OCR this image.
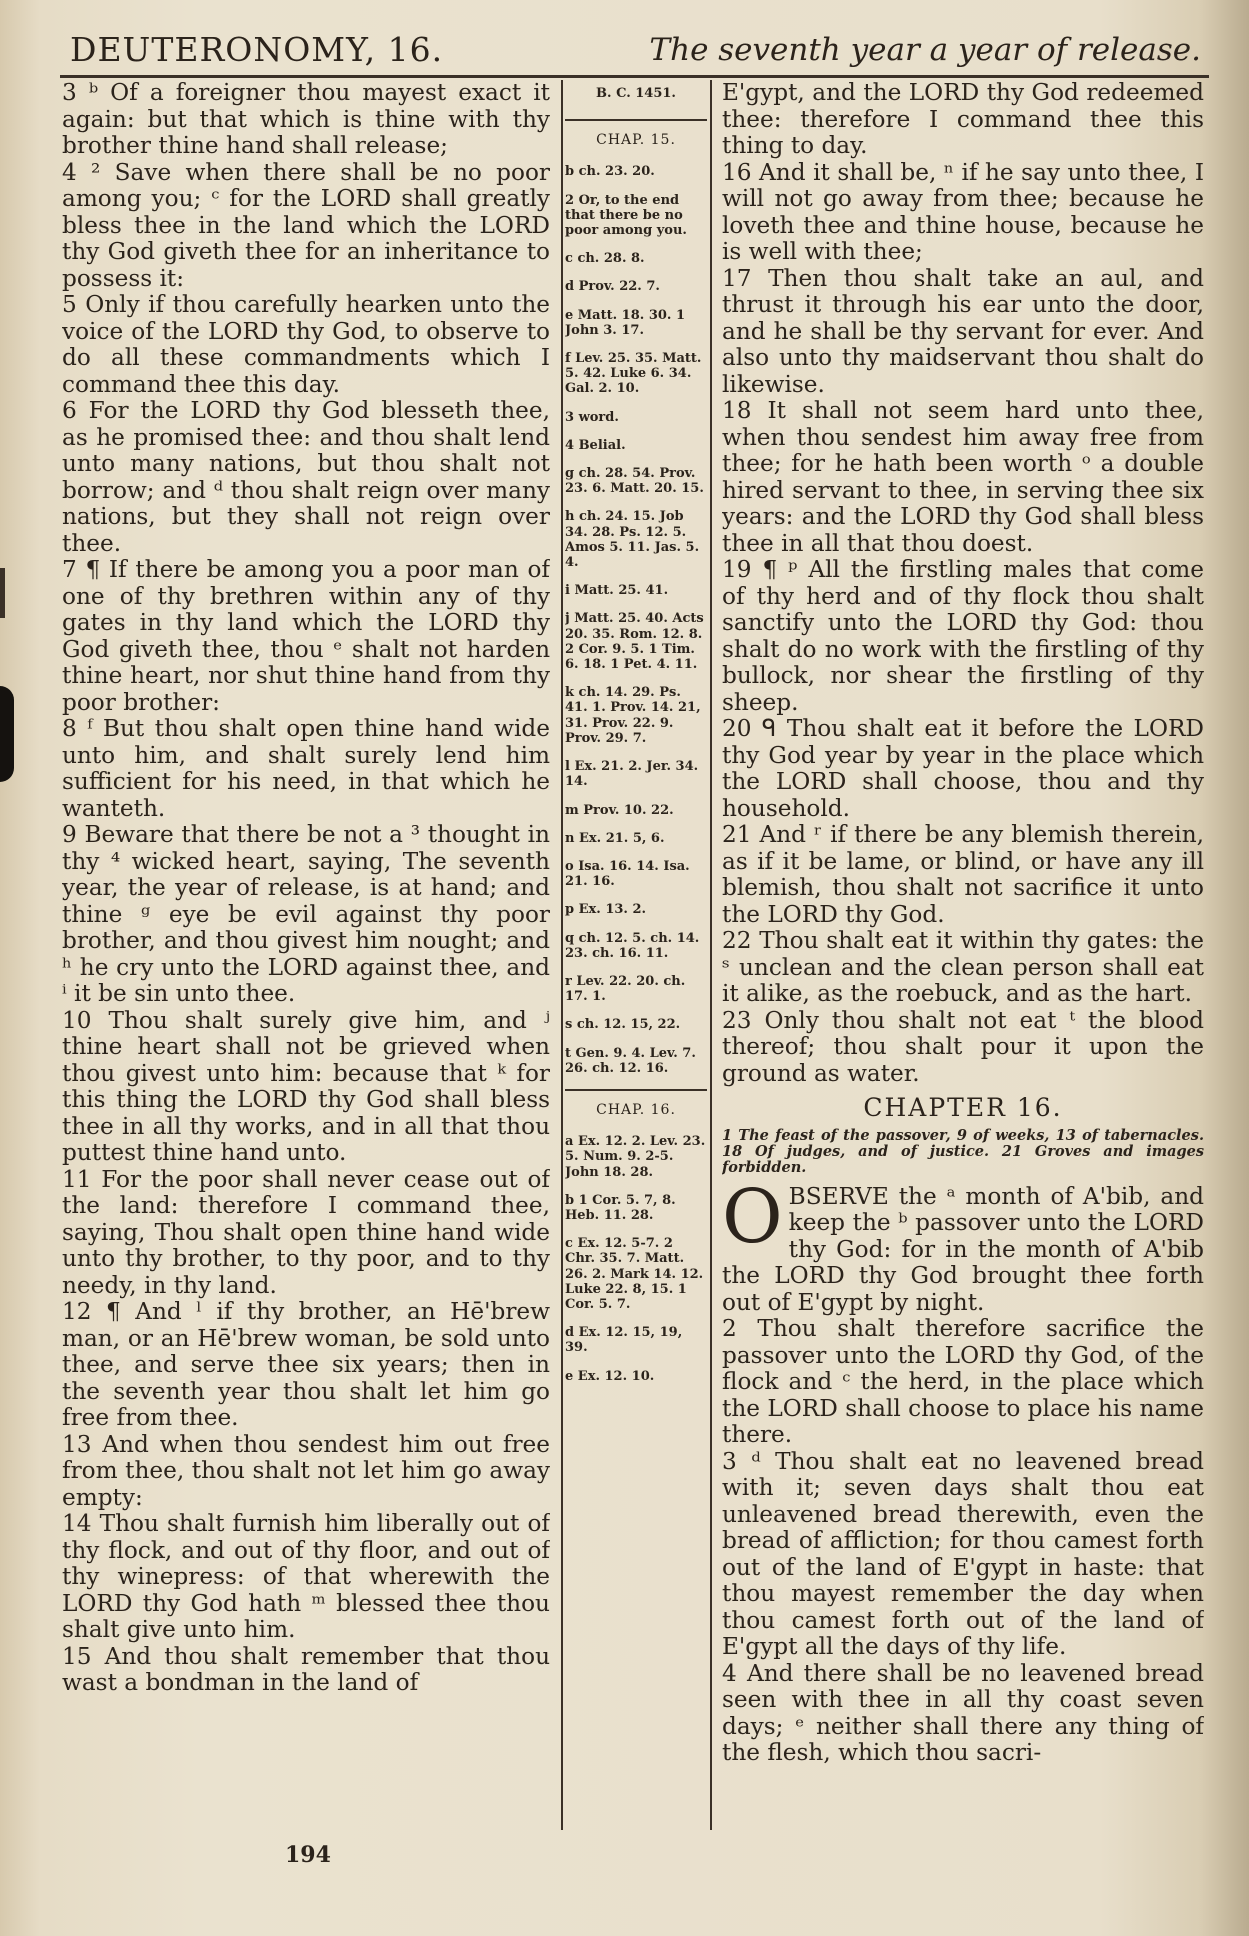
DEUTERONOMY, 16.	The seventh year a year of release.

3 ᵇ Of a foreigner thou mayest exact it again: but that which is thine with thy brother thine hand shall release;

4 ² Save when there shall be no poor among you; ᶜ for the LORD shall greatly bless thee in the land which the LORD thy God giveth thee for an inheritance to possess it:

5 Only if thou carefully hearken unto the voice of the LORD thy God, to observe to do all these commandments which I command thee this day.

6 For the LORD thy God blesseth thee, as he promised thee: and thou shalt lend unto many nations, but thou shalt not borrow; and ᵈ thou shalt reign over many nations, but they shall not reign over thee.

7 ¶ If there be among you a poor man of one of thy brethren within any of thy gates in thy land which the LORD thy God giveth thee, thou ᵉ shalt not harden thine heart, nor shut thine hand from thy poor brother:

8 ᶠ But thou shalt open thine hand wide unto him, and shalt surely lend him sufficient for his need, in that which he wanteth.

9 Beware that there be not a ³ thought in thy ⁴ wicked heart, saying, The seventh year, the year of release, is at hand; and thine ᵍ eye be evil against thy poor brother, and thou givest him nought; and ʰ he cry unto the LORD against thee, and ⁱ it be sin unto thee.

10 Thou shalt surely give him, and ʲ thine heart shall not be grieved when thou givest unto him: because that ᵏ for this thing the LORD thy God shall bless thee in all thy works, and in all that thou puttest thine hand unto.

11 For the poor shall never cease out of the land: therefore I command thee, saying, Thou shalt open thine hand wide unto thy brother, to thy poor, and to thy needy, in thy land.

12 ¶ And ˡ if thy brother, an Hē'brew man, or an Hē'brew woman, be sold unto thee, and serve thee six years; then in the seventh year thou shalt let him go free from thee.

13 And when thou sendest him out free from thee, thou shalt not let him go away empty:

14 Thou shalt furnish him liberally out of thy flock, and out of thy floor, and out of thy winepress: of that wherewith the LORD thy God hath ᵐ blessed thee thou shalt give unto him.

15 And thou shalt remember that thou wast a bondman in the land of

B. C. 1451.
CHAP. 15.
b ch. 23. 20.
2 Or, to the end that there be no poor among you.
c ch. 28. 8.
d Prov. 22. 7.
e Matt. 18. 30. 1 John 3. 17.
f Lev. 25. 35. Matt. 5. 42. Luke 6. 34. Gal. 2. 10.
3 word.
4 Belial.
g ch. 28. 54. Prov. 23. 6. Matt. 20. 15.
h ch. 24. 15. Job 34. 28. Ps. 12. 5. Amos 5. 11. Jas. 5. 4.
i Matt. 25. 41.
j Matt. 25. 40. Acts 20. 35. Rom. 12. 8. 2 Cor. 9. 5. 1 Tim. 6. 18. 1 Pet. 4. 11.
k ch. 14. 29. Ps. 41. 1. Prov. 14. 21, 31. Prov. 22. 9. Prov. 29. 7.
l Ex. 21. 2. Jer. 34. 14.
m Prov. 10. 22.
n Ex. 21. 5, 6.
o Isa. 16. 14. Isa. 21. 16.
p Ex. 13. 2.
q ch. 12. 5. ch. 14. 23. ch. 16. 11.
r Lev. 22. 20. ch. 17. 1.
s ch. 12. 15, 22.
t Gen. 9. 4. Lev. 7. 26. ch. 12. 16.
CHAP. 16.
a Ex. 12. 2. Lev. 23. 5. Num. 9. 2-5. John 18. 28.
b 1 Cor. 5. 7, 8. Heb. 11. 28.
c Ex. 12. 5-7. 2 Chr. 35. 7. Matt. 26. 2. Mark 14. 12. Luke 22. 8, 15. 1 Cor. 5. 7.
d Ex. 12. 15, 19, 39.
e Ex. 12. 10.

E'gypt, and the LORD thy God redeemed thee: therefore I command thee this thing to day.

16 And it shall be, ⁿ if he say unto thee, I will not go away from thee; because he loveth thee and thine house, because he is well with thee;

17 Then thou shalt take an aul, and thrust it through his ear unto the door, and he shall be thy servant for ever. And also unto thy maidservant thou shalt do likewise.

18 It shall not seem hard unto thee, when thou sendest him away free from thee; for he hath been worth ᵒ a double hired servant to thee, in serving thee six years: and the LORD thy God shall bless thee in all that thou doest.

19 ¶ ᵖ All the firstling males that come of thy herd and of thy flock thou shalt sanctify unto the LORD thy God: thou shalt do no work with the firstling of thy bullock, nor shear the firstling of thy sheep.

20 ᑫ Thou shalt eat it before the LORD thy God year by year in the place which the LORD shall choose, thou and thy household.

21 And ʳ if there be any blemish therein, as if it be lame, or blind, or have any ill blemish, thou shalt not sacrifice it unto the LORD thy God.

22 Thou shalt eat it within thy gates: the ˢ unclean and the clean person shall eat it alike, as the roebuck, and as the hart.

23 Only thou shalt not eat ᵗ the blood thereof; thou shalt pour it upon the ground as water.

CHAPTER 16.
1 The feast of the passover, 9 of weeks, 13 of tabernacles. 18 Of judges, and of justice. 21 Groves and images forbidden.

OBSERVE the ᵃ month of A'bib, and keep the ᵇ passover unto the LORD thy God: for in the month of A'bib the LORD thy God brought thee forth out of E'gypt by night.

2 Thou shalt therefore sacrifice the passover unto the LORD thy God, of the flock and ᶜ the herd, in the place which the LORD shall choose to place his name there.

3 ᵈ Thou shalt eat no leavened bread with it; seven days shalt thou eat unleavened bread therewith, even the bread of affliction; for thou camest forth out of the land of E'gypt in haste: that thou mayest remember the day when thou camest forth out of the land of E'gypt all the days of thy life.

4 And there shall be no leavened bread seen with thee in all thy coast seven days; ᵉ neither shall there any thing of the flesh, which thou sacri-

194
